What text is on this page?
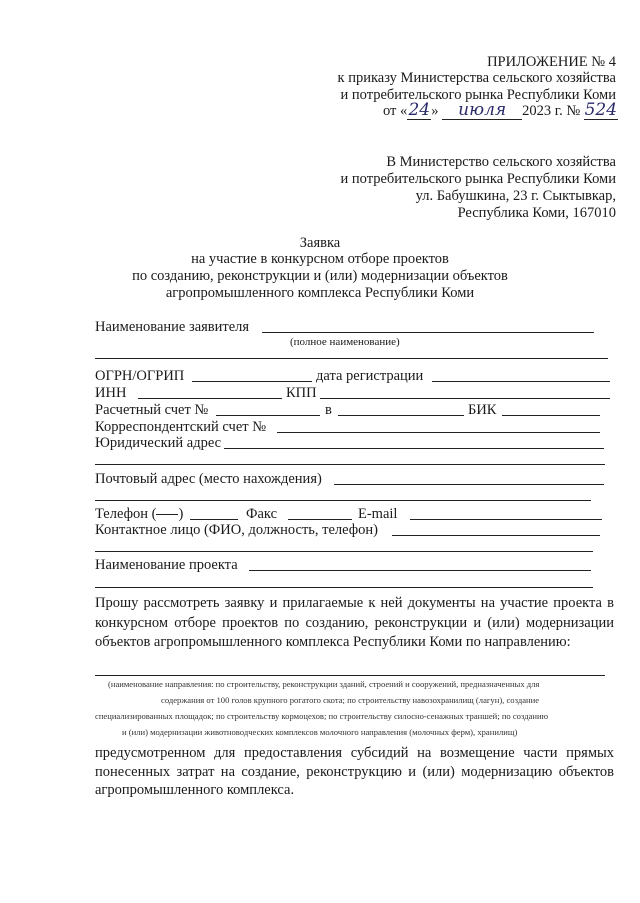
ПРИЛОЖЕНИЕ № 4
к приказу Министерства сельского хозяйства
и потребительского рынка Республики Коми
от «24» июля 2023 г. № 524
В Министерство сельского хозяйства
и потребительского рынка Республики Коми
ул. Бабушкина, 23 г. Сыктывкар,
Республика Коми, 167010
Заявка
на участие в конкурсном отборе проектов
по созданию, реконструкции и (или) модернизации объектов
агропромышленного комплекса Республики Коми
Наименование заявителя
(полное наименование)
ОГРН/ОГРИП	дата регистрации
ИНН	КПП
Расчетный счет №	в	БИК
Корреспондентский счет №
Юридический адрес
Почтовый адрес (место нахождения)
Телефон ( )	Факс	E-mail
Контактное лицо (ФИО, должность, телефон)
Наименование проекта
Прошу рассмотреть заявку и прилагаемые к ней документы на участие проекта в конкурсном отборе проектов по созданию, реконструкции и (или) модернизации объектов агропромышленного комплекса Республики Коми по направлению:
(наименование направления: по строительству, реконструкции зданий, строений и сооружений, предназначенных для
содержания от 100 голов крупного рогатого скота; по строительству навозохранилищ (лагун), создание
специализированных площадок; по строительству кормоцехов; по строительству силосно-сенажных траншей; по созданию
и (или) модернизации животноводческих комплексов молочного направления (молочных ферм), хранилищ)
предусмотренном для предоставления субсидий на возмещение части прямых понесенных затрат на создание, реконструкцию и (или) модернизацию объектов агропромышленного комплекса.
